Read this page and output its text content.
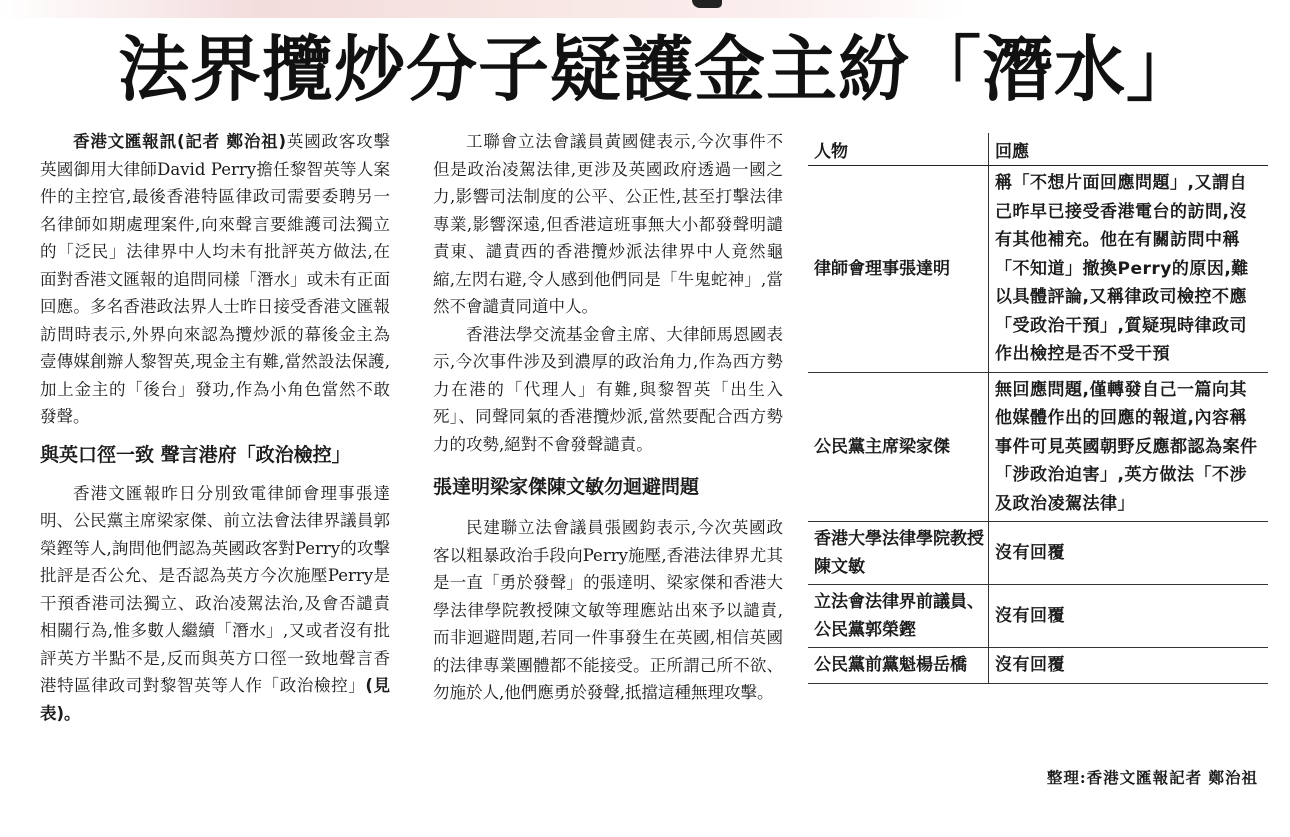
法界攬炒分子疑護金主紛「潛水」

香港文匯報訊(記者 鄭治祖)英國政客攻擊英國御用大律師David Perry擔任黎智英等人案件的主控官,最後香港特區律政司需要委聘另一名律師如期處理案件,向來聲言要維護司法獨立的「泛民」法律界中人均未有批評英方做法,在面對香港文匯報的追問同樣「潛水」或未有正面回應。多名香港政法界人士昨日接受香港文匯報訪問時表示,外界向來認為攬炒派的幕後金主為壹傳媒創辦人黎智英,現金主有難,當然設法保護,加上金主的「後台」發功,作為小角色當然不敢發聲。

與英口徑一致 聲言港府「政治檢控」

香港文匯報昨日分別致電律師會理事張達明、公民黨主席梁家傑、前立法會法律界議員郭榮鏗等人,詢問他們認為英國政客對Perry的攻擊批評是否公允、是否認為英方今次施壓Perry是干預香港司法獨立、政治凌駕法治,及會否譴責相關行為,惟多數人繼續「潛水」,又或者沒有批評英方半點不是,反而與英方口徑一致地聲言香港特區律政司對黎智英等人作「政治檢控」(見表)。

工聯會立法會議員黃國健表示,今次事件不但是政治凌駕法律,更涉及英國政府透過一國之力,影響司法制度的公平、公正性,甚至打擊法律專業,影響深遠,但香港這班事無大小都發聲明譴責東、譴責西的香港攬炒派法律界中人竟然龜縮,左閃右避,令人感到他們同是「牛鬼蛇神」,當然不會譴責同道中人。

香港法學交流基金會主席、大律師馬恩國表示,今次事件涉及到濃厚的政治角力,作為西方勢力在港的「代理人」有難,與黎智英「出生入死」、同聲同氣的香港攬炒派,當然要配合西方勢力的攻勢,絕對不會發聲譴責。

張達明梁家傑陳文敏勿迴避問題

民建聯立法會議員張國鈞表示,今次英國政客以粗暴政治手段向Perry施壓,香港法律界尤其是一直「勇於發聲」的張達明、梁家傑和香港大學法律學院教授陳文敏等理應站出來予以譴責,而非迴避問題,若同一件事發生在英國,相信英國的法律專業團體都不能接受。正所謂己所不欲、勿施於人,他們應勇於發聲,抵擋這種無理攻擊。

人物	回應
律師會理事張達明	稱「不想片面回應問題」,又謂自己昨早已接受香港電台的訪問,沒有其他補充。他在有關訪問中稱「不知道」撤換Perry的原因,難以具體評論,又稱律政司檢控不應「受政治干預」,質疑現時律政司作出檢控是否不受干預
公民黨主席梁家傑	無回應問題,僅轉發自己一篇向其他媒體作出的回應的報道,內容稱事件可見英國朝野反應都認為案件「涉政治迫害」,英方做法「不涉及政治凌駕法律」
香港大學法律學院教授陳文敏	沒有回覆
立法會法律界前議員、公民黨郭榮鏗	沒有回覆
公民黨前黨魁楊岳橋	沒有回覆
整理:香港文匯報記者 鄭治祖
